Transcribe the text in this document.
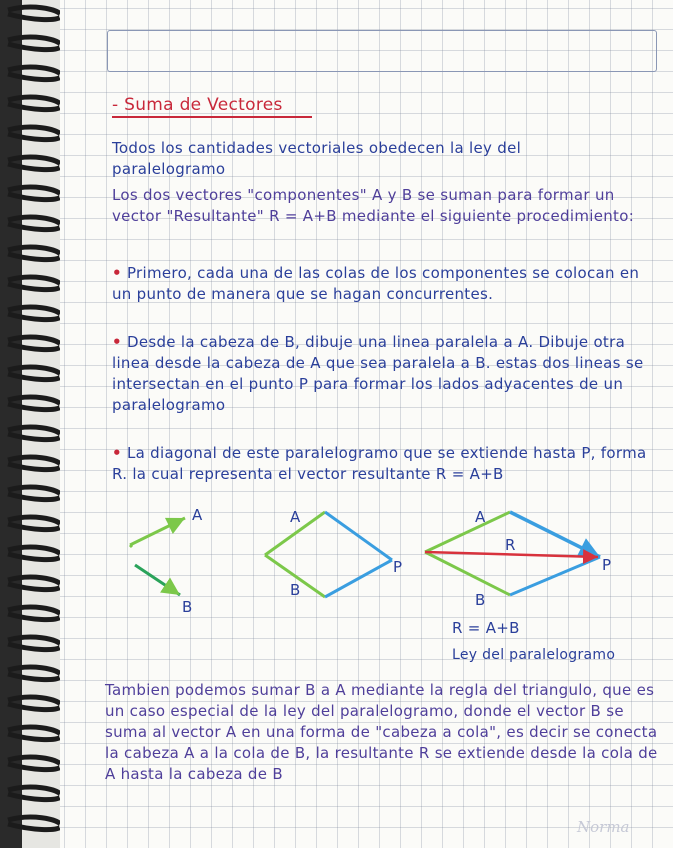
- Suma de Vectores
Todos los cantidades vectoriales obedecen la ley del paralelogramo
Los dos vectores "componentes" A y B se suman para formar un vector "Resultante" R = A+B mediante el siguiente procedimiento:
• Primero, cada una de las colas de los componentes se colocan en un punto de manera que se hagan concurrentes.
• Desde la cabeza de B, dibuje una linea paralela a A. Dibuje otra linea desde la cabeza de A que sea paralela a B. estas dos lineas se intersectan en el punto P para formar los lados adyacentes de un paralelogramo
• La diagonal de este paralelogramo que se extiende hasta P, forma R. la cual representa el vector resultante R = A+B
A
B
A
B
P
A
B
R
P
R = A+B
Ley del paralelogramo
Tambien podemos sumar B a A mediante la regla del triangulo, que es un caso especial de la ley del paralelogramo, donde el vector B se suma al vector A en una forma de "cabeza a cola", es decir se conecta la cabeza A a la cola de B, la resultante R se extiende desde la cola de A hasta la cabeza de B
Norma
